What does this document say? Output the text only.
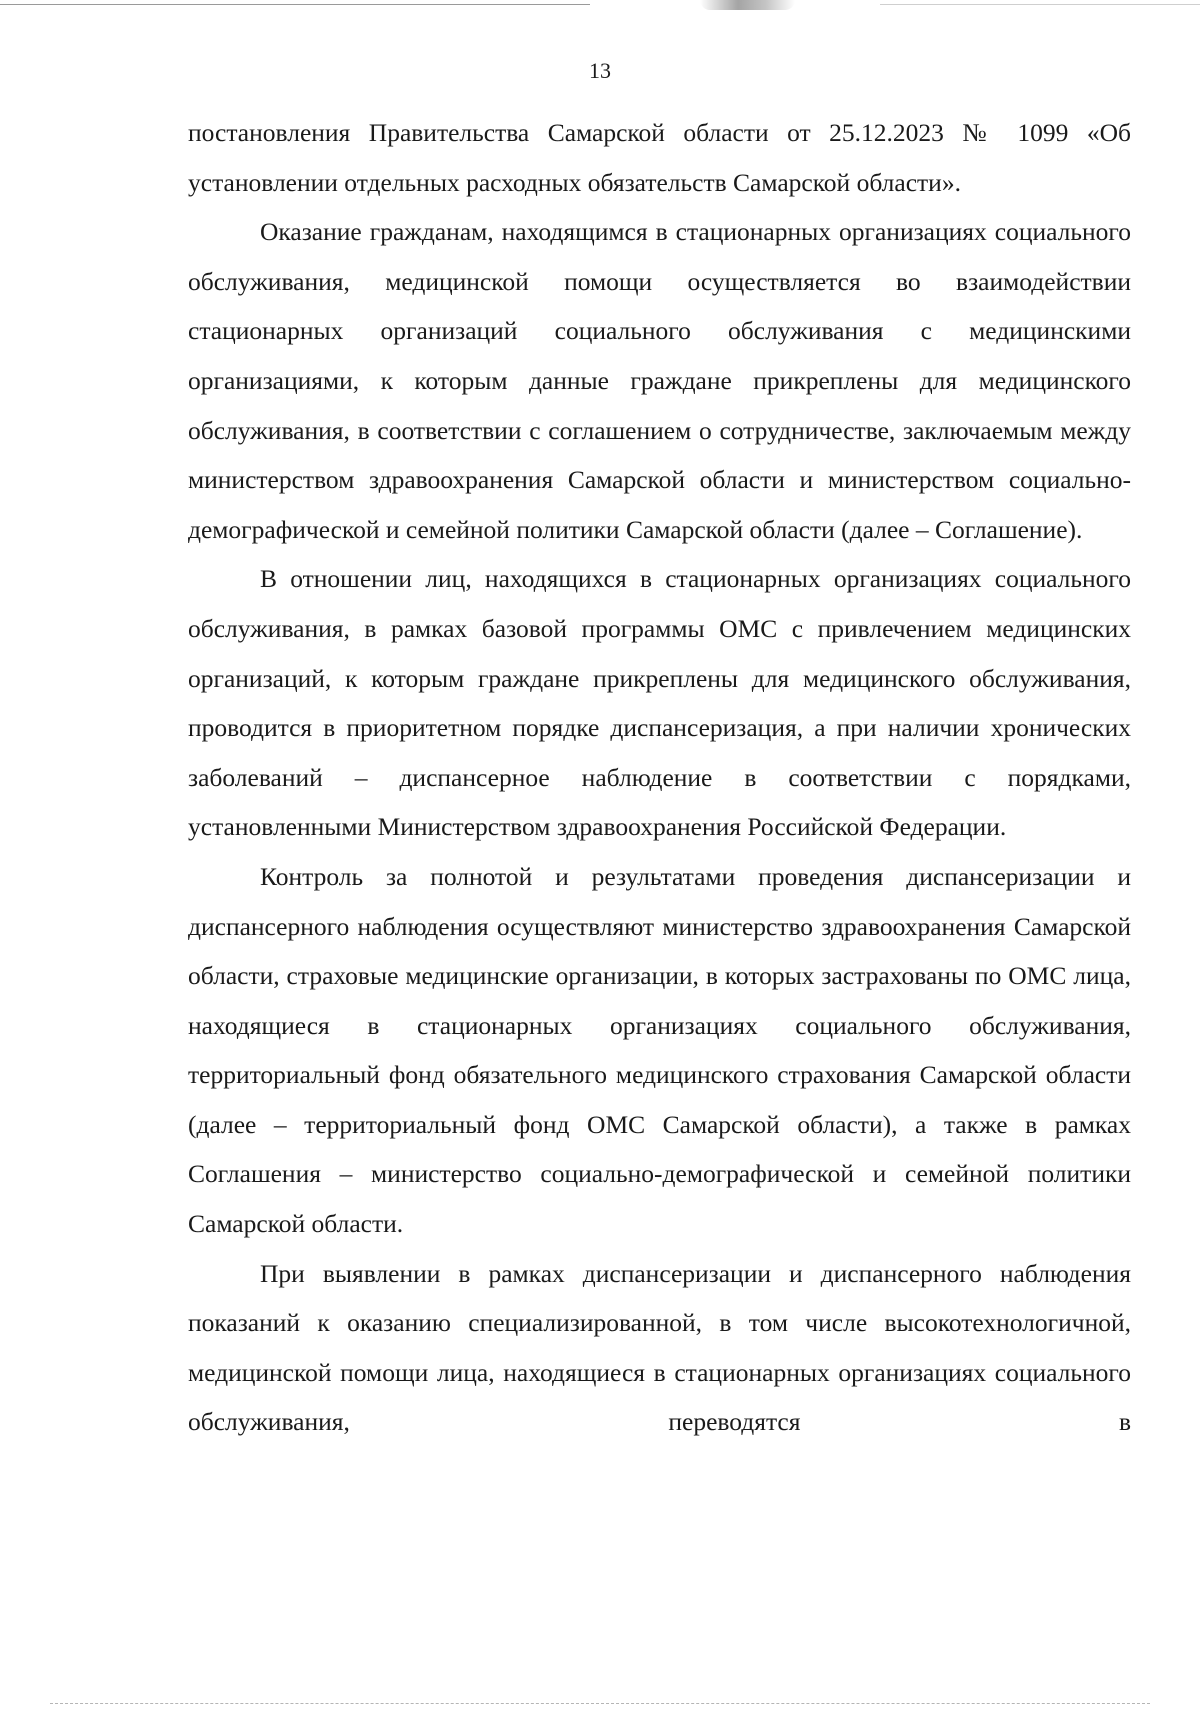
13

постановления Правительства Самарской области от 25.12.2023 № 1099 «Об установлении отдельных расходных обязательств Самарской области».

Оказание гражданам, находящимся в стационарных организациях социального обслуживания, медицинской помощи осуществляется во взаимодействии стационарных организаций социального обслуживания с медицинскими организациями, к которым данные граждане прикреплены для медицинского обслуживания, в соответствии с соглашением о сотрудничестве, заключаемым между министерством здравоохранения Самарской области и министерством социально-демографической и семейной политики Самарской области (далее – Соглашение).

В отношении лиц, находящихся в стационарных организациях социального обслуживания, в рамках базовой программы ОМС с привлечением медицинских организаций, к которым граждане прикреплены для медицинского обслуживания, проводится в приоритетном порядке диспансеризация, а при наличии хронических заболеваний – диспансерное наблюдение в соответствии с порядками, установленными Министерством здравоохранения Российской Федерации.

Контроль за полнотой и результатами проведения диспансеризации и диспансерного наблюдения осуществляют министерство здравоохранения Самарской области, страховые медицинские организации, в которых застрахованы по ОМС лица, находящиеся в стационарных организациях социального обслуживания, территориальный фонд обязательного медицинского страхования Самарской области (далее – территориальный фонд ОМС Самарской области), а также в рамках Соглашения – министерство социально-демографической и семейной политики Самарской области.

При выявлении в рамках диспансеризации и диспансерного наблюдения показаний к оказанию специализированной, в том числе высокотехнологичной, медицинской помощи лица, находящиеся в стационарных организациях социального обслуживания, переводятся в
